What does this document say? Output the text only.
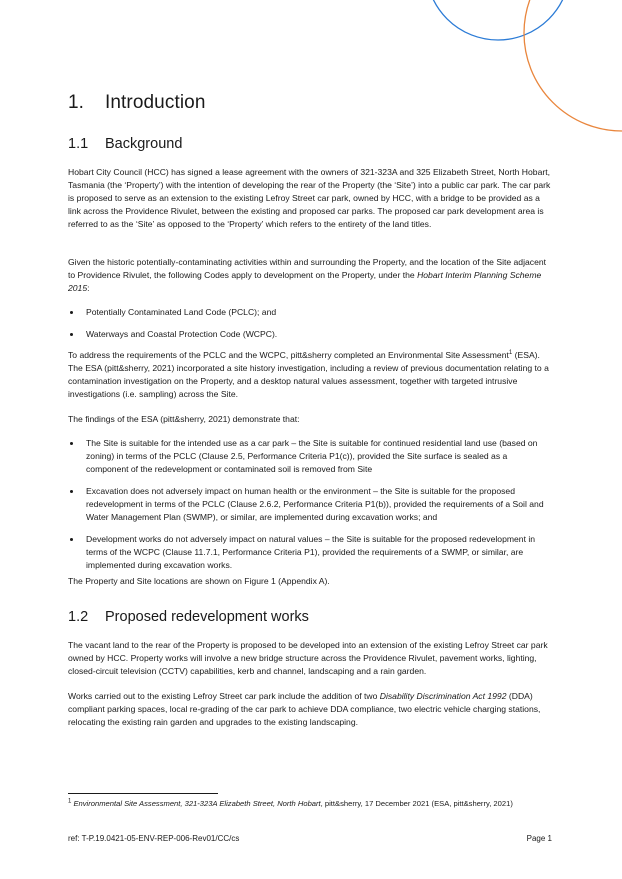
1. Introduction
1.1 Background

Hobart City Council (HCC) has signed a lease agreement with the owners of 321-323A and 325 Elizabeth Street, North Hobart, Tasmania (the ‘Property’) with the intention of developing the rear of the Property (the ‘Site’) into a public car park. The car park is proposed to serve as an extension to the existing Lefroy Street car park, owned by HCC, with a bridge to be provided as a link across the Providence Rivulet, between the existing and proposed car parks. The proposed car park development area is referred to as the ‘Site’ as opposed to the ‘Property’ which refers to the entirety of the land titles.

Given the historic potentially-contaminating activities within and surrounding the Property, and the location of the Site adjacent to Providence Rivulet, the following Codes apply to development on the Property, under the Hobart Interim Planning Scheme 2015:

Potentially Contaminated Land Code (PCLC); and
Waterways and Coastal Protection Code (WCPC).

To address the requirements of the PCLC and the WCPC, pitt&sherry completed an Environmental Site Assessment$^1$ (ESA). The ESA (pitt&sherry, 2021) incorporated a site history investigation, including a review of previous documentation relating to a contamination investigation on the Property, and a desktop natural values assessment, together with targeted intrusive investigations (i.e. sampling) across the Site.

The findings of the ESA (pitt&sherry, 2021) demonstrate that:

The Site is suitable for the intended use as a car park – the Site is suitable for continued residential land use (based on zoning) in terms of the PCLC (Clause 2.5, Performance Criteria P1(c)), provided the Site surface is sealed as a component of the redevelopment or contaminated soil is removed from Site
Excavation does not adversely impact on human health or the environment – the Site is suitable for the proposed redevelopment in terms of the PCLC (Clause 2.6.2, Performance Criteria P1(b)), provided the requirements of a Soil and Water Management Plan (SWMP), or similar, are implemented during excavation works; and
Development works do not adversely impact on natural values – the Site is suitable for the proposed redevelopment in terms of the WCPC (Clause 11.7.1, Performance Criteria P1), provided the requirements of a SWMP, or similar, are implemented during excavation works.

The Property and Site locations are shown on Figure 1 (Appendix A).

1.2 Proposed redevelopment works

The vacant land to the rear of the Property is proposed to be developed into an extension of the existing Lefroy Street car park owned by HCC. Property works will involve a new bridge structure across the Providence Rivulet, pavement works, lighting, closed-circuit television (CCTV) capabilities, kerb and channel, landscaping and a rain garden.

Works carried out to the existing Lefroy Street car park include the addition of two Disability Discrimination Act 1992 (DDA) compliant parking spaces, local re-grading of the car park to achieve DDA compliance, two electric vehicle charging stations, relocating the existing rain garden and upgrades to the existing landscaping.

$^1$ Environmental Site Assessment, 321-323A Elizabeth Street, North Hobart, pitt&sherry, 17 December 2021 (ESA, pitt&sherry, 2021)
ref: T-P.19.0421-05-ENV-REP-006-Rev01/CC/cs	Page 1
